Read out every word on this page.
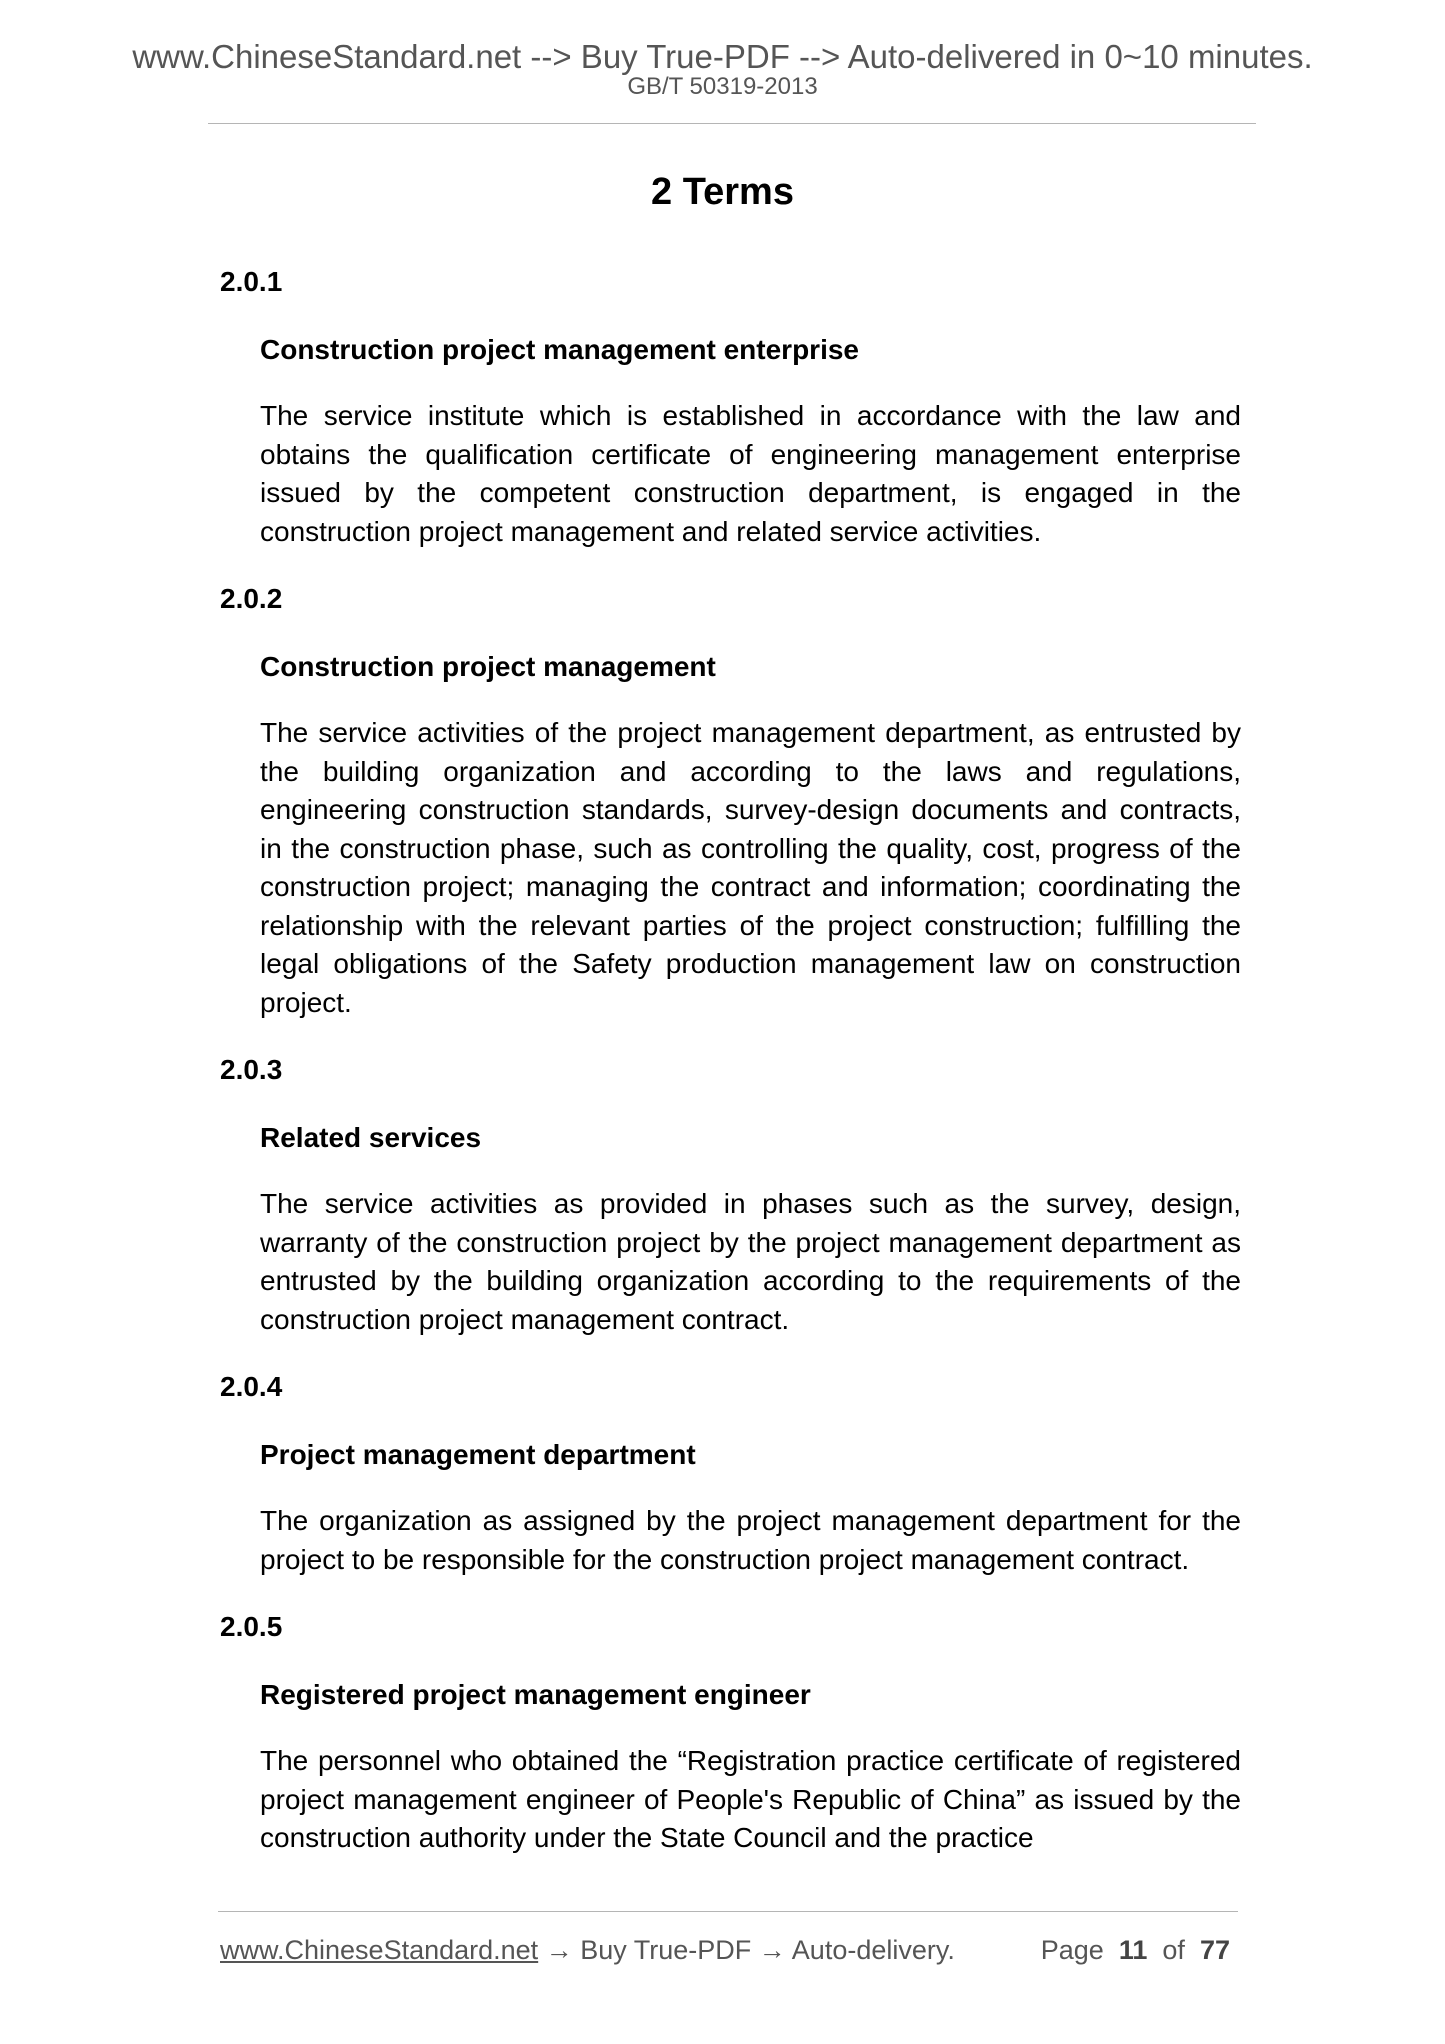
www.ChineseStandard.net --> Buy True-PDF --> Auto-delivered in 0~10 minutes.
GB/T 50319-2013
2 Terms

2.0.1

Construction project management enterprise

The service institute which is established in accordance with the law and obtains the qualification certificate of engineering management enterprise issued by the competent construction department, is engaged in the construction project management and related service activities.

2.0.2

Construction project management

The service activities of the project management department, as entrusted by the building organization and according to the laws and regulations, engineering construction standards, survey-design documents and contracts, in the construction phase, such as controlling the quality, cost, progress of the construction project; managing the contract and information; coordinating the relationship with the relevant parties of the project construction; fulfilling the legal obligations of the Safety production management law on construction project.

2.0.3

Related services

The service activities as provided in phases such as the survey, design, warranty of the construction project by the project management department as entrusted by the building organization according to the requirements of the construction project management contract.

2.0.4

Project management department

The organization as assigned by the project management department for the project to be responsible for the construction project management contract.

2.0.5

Registered project management engineer

The personnel who obtained the “Registration practice certificate of registered project management engineer of People's Republic of China” as issued by the construction authority under the State Council and the practice

www.ChineseStandard.net → Buy True-PDF → Auto-delivery.	Page 11 of 77
